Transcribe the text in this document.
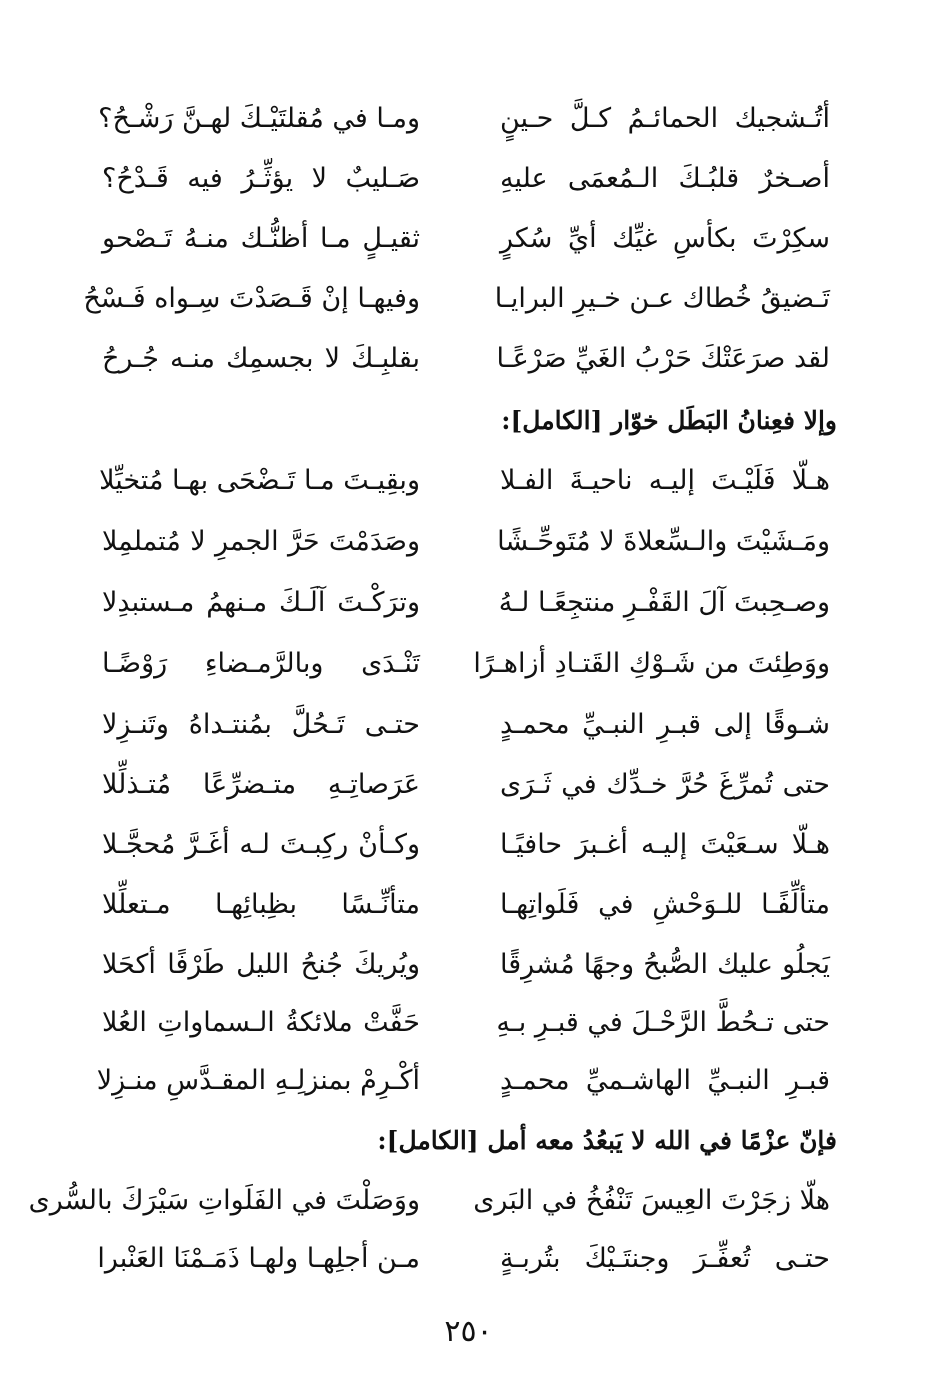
أتُـشجيك الحمائـمُ كـلَّ حـينٍ
ومـا في مُقلتَيْـكَ لهـنَّ رَشْـحُ؟
أصـخرٌ قلبُـكَ الـمُعمَى عليهِ
صَـليبٌ لا يؤثِّـرُ فيه قَـدْحُ؟
سكِرْتَ بكأسِ غيِّك أيِّ سُكرٍ
ثقيـلٍ مـا أظنُّـك منـهُ تَـصْحو
تَـضيقُ خُطاك عـن خـيرِ البرايـا
وفيهـا إنْ قَـصَدْتَ سِـواه فَـسْحُ
لقد صرَعَتْكَ حَرْبُ الغَيِّ صَرْعًـا
بقلبِـكَ لا بجسمِك منـه جُـرحُ
وإلا فعِنانُ البَطَل خوّار [الكامل]:
هـلّا فَلَيْـتَ إليـه ناحيـةَ الفـلا
وبقِيـتَ مـا تَـضْحَى بهـا مُتخيِّلا
ومَـشَيْتَ والـسِّعلاةَ لا مُتَوحِّـشًا
وصَدَمْتَ حَرَّ الجمرِ لا مُتملمِلا
وصـحِبتَ آلَ القَفْـرِ منتجِعًـا لـهُ
وترَكْـتَ آلَـكَ مـنهمُ مـستبدِلا
ووَطِئتَ من شَـوْكِ القَتـادِ أزاهـرًا
تَنْـدَى وبالرَّمـضاءِ رَوْضًـا
شـوقًا إلى قبـرِ النبـيِّ محمـدٍ
حتـى تَـحُلَّ بمُنتـداهُ وتَنـزِلا
حتى تُمرِّغَ حُرَّ خـدِّك في ثَـرَى
عَرَصاتِـهِ متـضرِّعًا مُتـذلِّلا
هـلّا سـعَيْتَ إليـه أغـبرَ حافيًـا
وكـأنْ ركِبـتَ لـه أغَـرَّ مُحجَّـلا
متألِّفًـا للـوَحْشِ في فَلَواتِهـا
متأنِّـسًا بظِبائِهـا مـتعلِّلا
يَجلُو عليك الصُّبحُ وجهًا مُشرِقًا
ويُريكَ جُنحُ الليل طَرْفًا أكحَلا
حتى تـحُطَّ الرَّحْـلَ في قبـرِ بـهِ
حَفَّتْ ملائكةُ الـسماواتِ العُلا
قبـرِ النبـيِّ الهاشـميِّ محمـدٍ
أكْـرِمْ بمنزلِـهِ المقـدَّسِ منـزِلا
فإنّ عزْمًا في الله لا يَبعُدُ معه أمل [الكامل]:
هلّا زجَرْتَ العِيسَ تَنْفُخُ في البَرى
ووَصَلْتَ في الفَلَواتِ سَيْرَكَ بالسُّرى
حتـى تُعفِّـرَ وجنتَـيْكَ بتُربـةٍ
مـن أجلِهـا ولهـا ذَمَـمْنَا العَنْبرا
٢٥٠
